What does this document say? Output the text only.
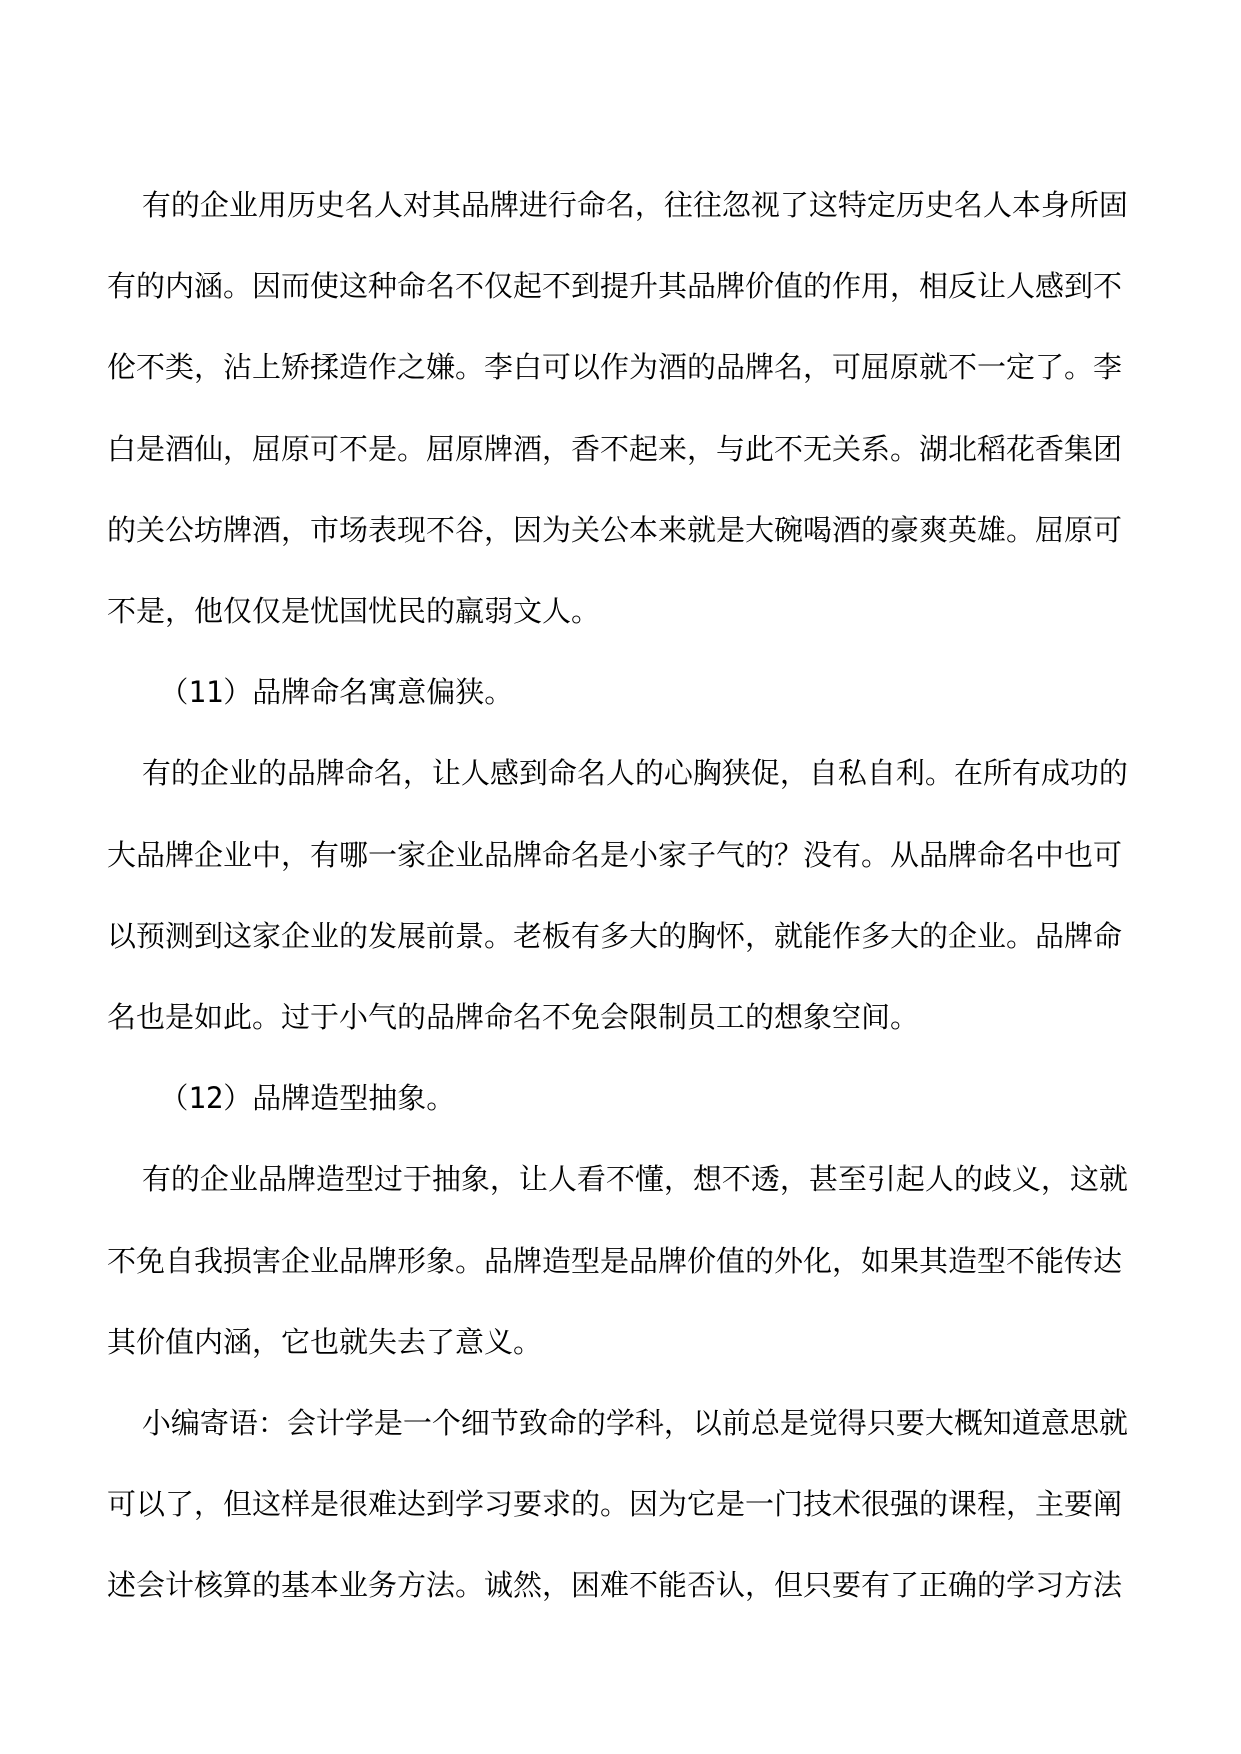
有的企业用历史名人对其品牌进行命名，往往忽视了这特定历史名人本身所固有的内涵。因而使这种命名不仅起不到提升其品牌价值的作用，相反让人感到不伦不类，沾上矫揉造作之嫌。李白可以作为酒的品牌名，可屈原就不一定了。李白是酒仙，屈原可不是。屈原牌酒，香不起来，与此不无关系。湖北稻花香集团的关公坊牌酒，市场表现不谷，因为关公本来就是大碗喝酒的豪爽英雄。屈原可不是，他仅仅是忧国忧民的羸弱文人。

（11）品牌命名寓意偏狭。

有的企业的品牌命名，让人感到命名人的心胸狭促，自私自利。在所有成功的大品牌企业中，有哪一家企业品牌命名是小家子气的？没有。从品牌命名中也可以预测到这家企业的发展前景。老板有多大的胸怀，就能作多大的企业。品牌命名也是如此。过于小气的品牌命名不免会限制员工的想象空间。

（12）品牌造型抽象。

有的企业品牌造型过于抽象，让人看不懂，想不透，甚至引起人的歧义，这就不免自我损害企业品牌形象。品牌造型是品牌价值的外化，如果其造型不能传达其价值内涵，它也就失去了意义。

小编寄语：会计学是一个细节致命的学科，以前总是觉得只要大概知道意思就可以了，但这样是很难达到学习要求的。因为它是一门技术很强的课程，主要阐述会计核算的基本业务方法。诚然，困难不能否认，但只要有了正确的学习方法
